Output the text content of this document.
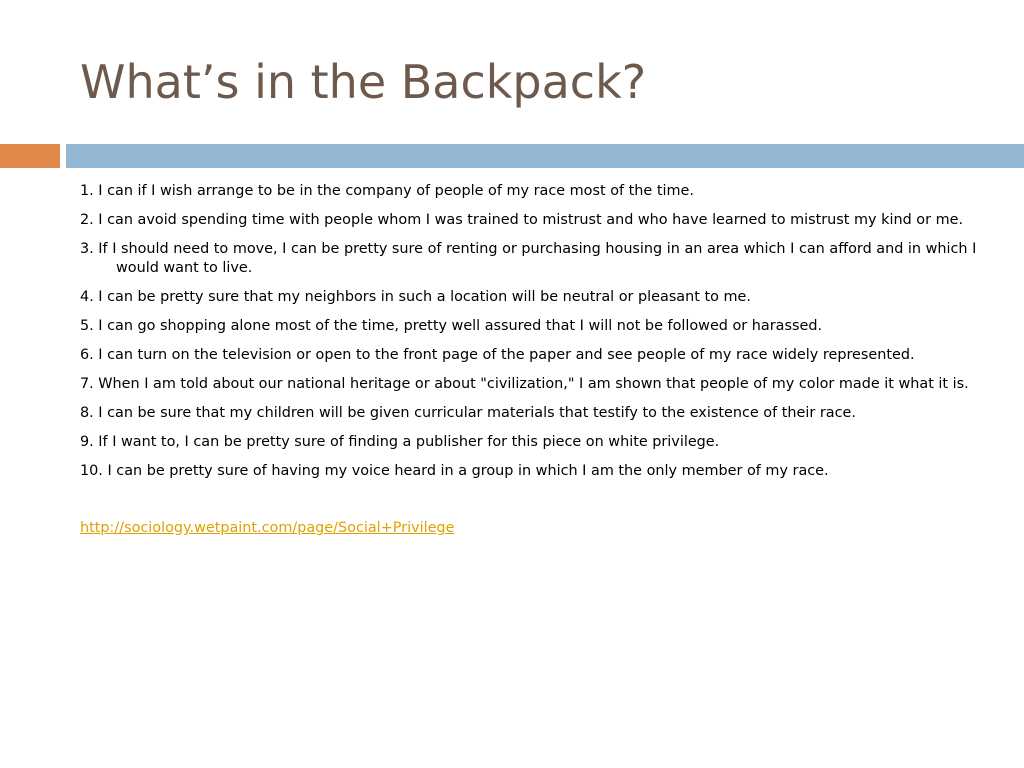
What’s in the Backpack?

1. I can if I wish arrange to be in the company of people of my race most of the time.

2. I can avoid spending time with people whom I was trained to mistrust and who have learned to mistrust my kind or me.

3. If I should need to move, I can be pretty sure of renting or purchasing housing in an area which I can afford and in which I would want to live.

4. I can be pretty sure that my neighbors in such a location will be neutral or pleasant to me.

5. I can go shopping alone most of the time, pretty well assured that I will not be followed or harassed.

6. I can turn on the television or open to the front page of the paper and see people of my race widely represented.

7. When I am told about our national heritage or about "civilization," I am shown that people of my color made it what it is.

8. I can be sure that my children will be given curricular materials that testify to the existence of their race.

9. If I want to, I can be pretty sure of finding a publisher for this piece on white privilege.

10. I can be pretty sure of having my voice heard in a group in which I am the only member of my race.

http://sociology.wetpaint.com/page/Social+Privilege
